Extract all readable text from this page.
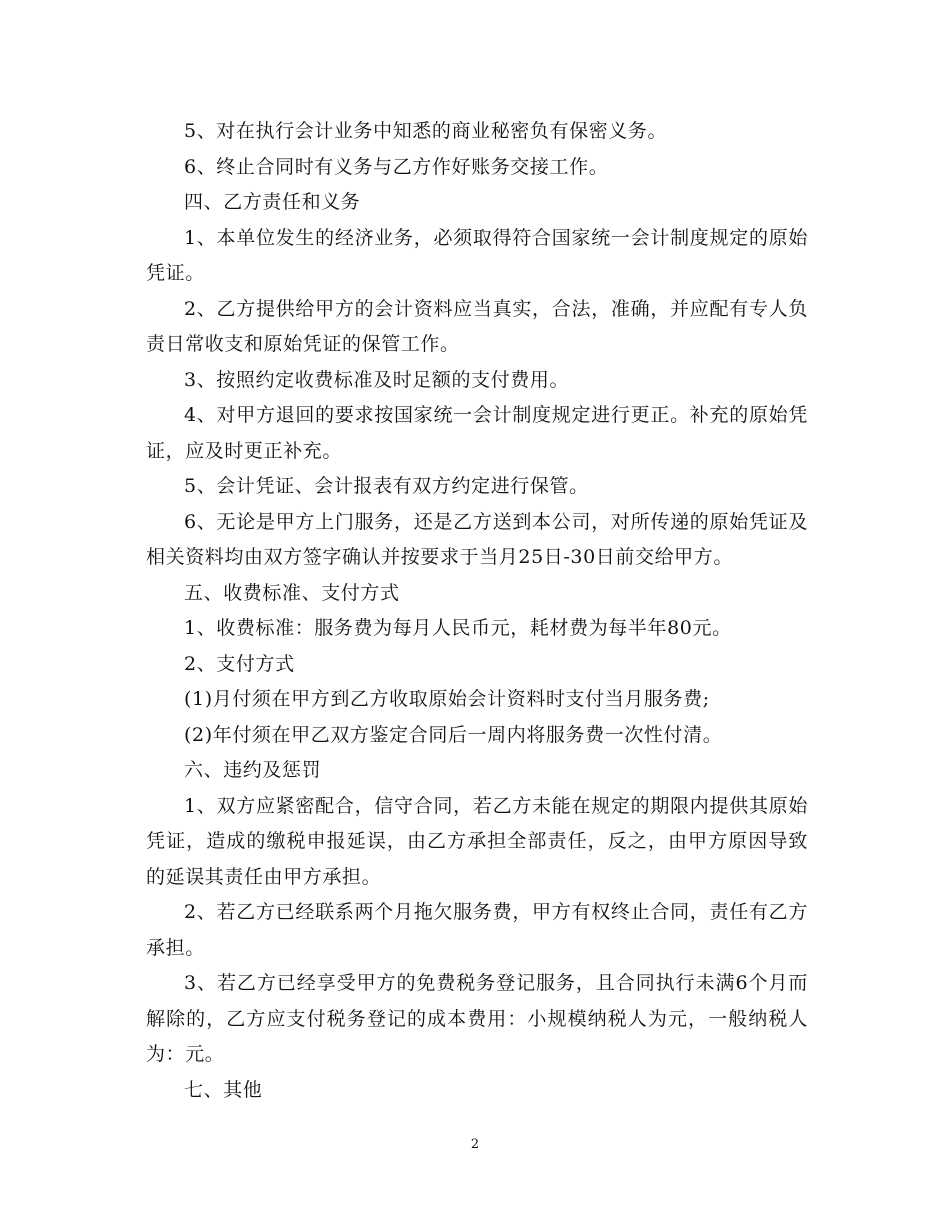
5、对在执行会计业务中知悉的商业秘密负有保密义务。

6、终止合同时有义务与乙方作好账务交接工作。

四、乙方责任和义务

1、本单位发生的经济业务，必须取得符合国家统一会计制度规定的原始凭证。

2、乙方提供给甲方的会计资料应当真实，合法，准确，并应配有专人负责日常收支和原始凭证的保管工作。

3、按照约定收费标准及时足额的支付费用。

4、对甲方退回的要求按国家统一会计制度规定进行更正。补充的原始凭证，应及时更正补充。

5、会计凭证、会计报表有双方约定进行保管。

6、无论是甲方上门服务，还是乙方送到本公司，对所传递的原始凭证及相关资料均由双方签字确认并按要求于当月25日-30日前交给甲方。

五、收费标准、支付方式

1、收费标准：服务费为每月人民币元，耗材费为每半年80元。

2、支付方式

(1)月付须在甲方到乙方收取原始会计资料时支付当月服务费;

(2)年付须在甲乙双方鉴定合同后一周内将服务费一次性付清。

六、违约及惩罚

1、双方应紧密配合，信守合同，若乙方未能在规定的期限内提供其原始凭证，造成的缴税申报延误，由乙方承担全部责任，反之，由甲方原因导致的延误其责任由甲方承担。

2、若乙方已经联系两个月拖欠服务费，甲方有权终止合同，责任有乙方承担。

3、若乙方已经享受甲方的免费税务登记服务，且合同执行未满6个月而解除的，乙方应支付税务登记的成本费用：小规模纳税人为元，一般纳税人为：元。

七、其他

2
